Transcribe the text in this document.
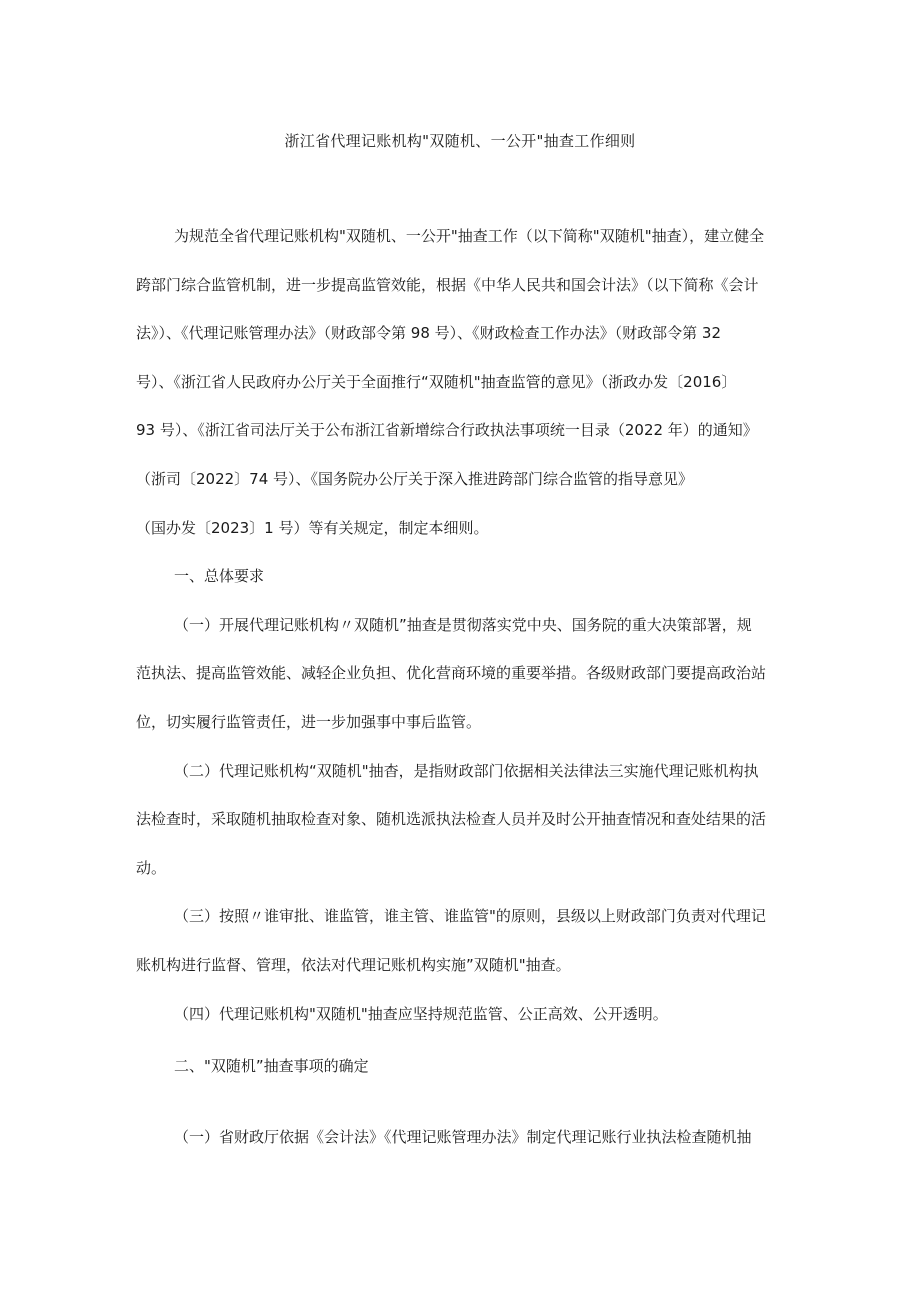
浙江省代理记账机构"双随机、一公开"抽查工作细则

为规范全省代理记账机构"双随机、一公开"抽查工作（以下简称"双随机"抽查），建立健全
跨部门综合监管机制，进一步提高监管效能，根据《中华人民共和国会计法》（以下简称《会计
法》）、《代理记账管理办法》（财政部令第 98 号）、《财政检查工作办法》（财政部令第 32
号）、《浙江省人民政府办公厅关于全面推行“双随机"抽查监管的意见》（浙政办发〔2016〕
93 号）、《浙江省司法厅关于公布浙江省新增综合行政执法事项统一目录（2022 年）的通知》
（浙司〔2022〕74 号）、《国务院办公厅关于深入推进跨部门综合监管的指导意见》
（国办发〔2023〕1 号）等有关规定，制定本细则。

一、总体要求

（一）开展代理记账机构〃双随机”抽查是贯彻落实党中央、国务院的重大决策部署，规
范执法、提高监管效能、减轻企业负担、优化营商环境的重要举措。各级财政部门要提高政治站
位，切实履行监管责任，进一步加强事中事后监管。

（二）代理记账机构“双随机"抽杳，是指财政部门依据相关法律法三实施代理记账机构执
法检查时，采取随机抽取检查对象、随机选派执法检查人员并及时公开抽查情况和查处结果的活
动。

（三）按照〃谁审批、谁监管，谁主管、谁监管"的原则，县级以上财政部门负责对代理记
账机构进行监督、管理，依法对代理记账机构实施”双随机"抽查。

（四）代理记账机构"双随机"抽查应坚持规范监管、公正高效、公开透明。

二、"双随机”抽查事项的确定

（一）省财政厅依据《会计法》《代理记账管理办法》制定代理记账行业执法检查随机抽
